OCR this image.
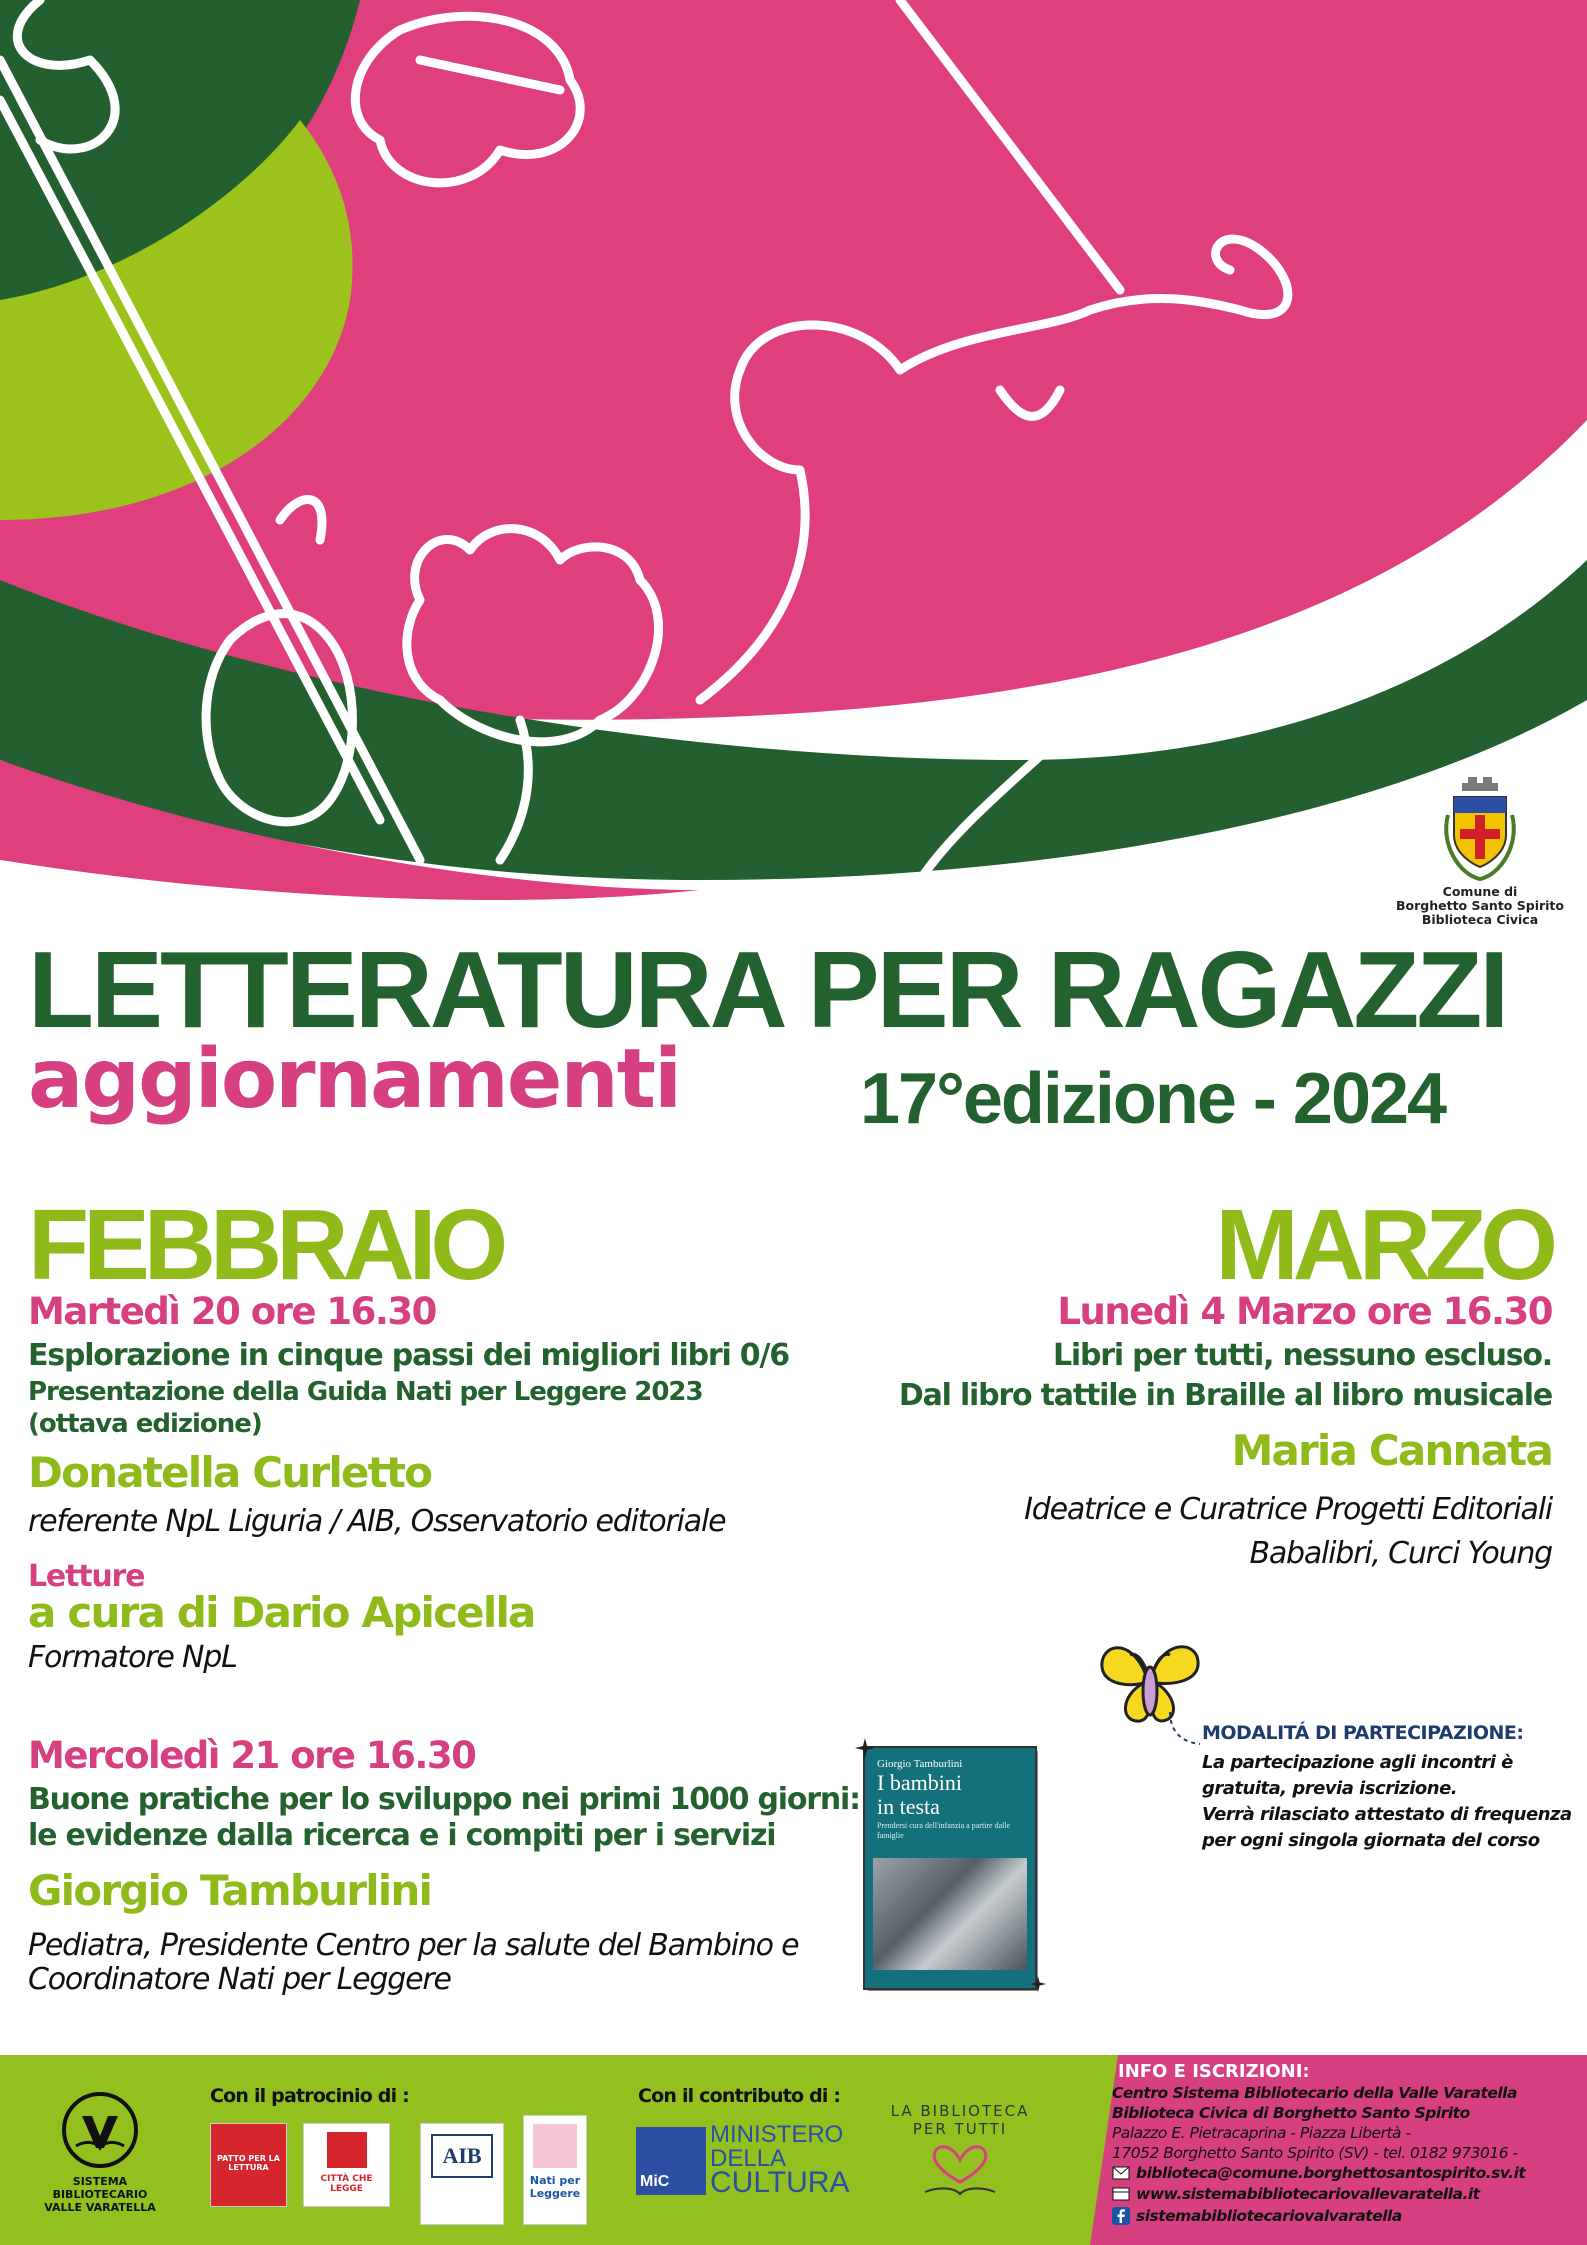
Comune di
Borghetto Santo Spirito
Biblioteca Civica
LETTERATURA PER RAGAZZI
aggiornamenti 17°edizione - 2024
FEBBRAIO
Martedì 20 ore 16.30
Esplorazione in cinque passi dei migliori libri 0/6
Presentazione della Guida Nati per Leggere 2023 (ottava edizione)
Donatella Curletto
referente NpL Liguria / AIB, Osservatorio editoriale
Letture
a cura di Dario Apicella
Formatore NpL
Mercoledì 21 ore 16.30
Buone pratiche per lo sviluppo nei primi 1000 giorni:
le evidenze dalla ricerca e i compiti per i servizi
Giorgio Tamburlini
Pediatra, Presidente Centro per la salute del Bambino e
Coordinatore Nati per Leggere
Giorgio Tamburlini
I bambini
in testa
Prendersi cura dell'infanzia a partire dalle famiglie
MARZO
Lunedì 4 Marzo ore 16.30
Libri per tutti, nessuno escluso.
Dal libro tattile in Braille al libro musicale
Maria Cannata
Ideatrice e Curatrice Progetti Editoriali
Babalibri, Curci Young
MODALITÁ DI PARTECIPAZIONE:
La partecipazione agli incontri è
gratuita, previa iscrizione.
Verrà rilasciato attestato di frequenza
per ogni singola giornata del corso
SISTEMA
BIBLIOTECARIO
VALLE VARATELLA
Con il patrocinio di :
PATTO PER LA LETTURA
CITTÀ CHE LEGGE
AIB
Nati per Leggere
Con il contributo di :
MiC
MINISTERO
DELLA
CULTURA
LA BIBLIOTECA PER TUTTI
INFO E ISCRIZIONI:
Centro Sistema Bibliotecario della Valle Varatella
Biblioteca Civica di Borghetto Santo Spirito
Palazzo E. Pietracaprina - Piazza Libertà -
17052 Borghetto Santo Spirito (SV) - tel. 0182 973016 -
biblioteca@comune.borghettosantospirito.sv.it
www.sistemabibliotecariovallevaratella.it
sistemabibliotecariovalvaratella
